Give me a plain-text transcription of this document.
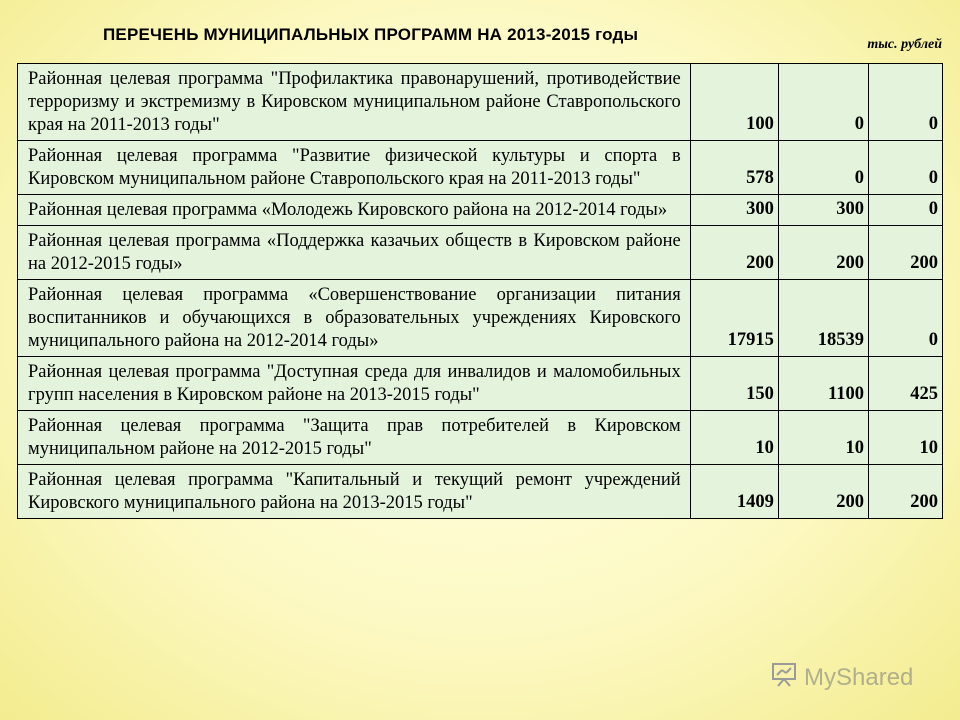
ПЕРЕЧЕНЬ МУНИЦИПАЛЬНЫХ ПРОГРАММ НА 2013-2015 годы
тыс. рублей
Районная целевая программа "Профилактика правонарушений, противодействие терроризму и экстремизму в Кировском муниципальном районе Ставропольского края на 2011-2013 годы"	100	0	0
Районная целевая программа "Развитие физической культуры и спорта в Кировском муниципальном районе Ставропольского края на 2011-2013 годы"	578	0	0
Районная целевая программа «Молодежь Кировского района на 2012-2014 годы»	300	300	0
Районная целевая программа «Поддержка казачьих обществ в Кировском районе на 2012-2015 годы»	200	200	200
Районная целевая программа «Совершенствование организации питания воспитанников и обучающихся в образовательных учреждениях Кировского муниципального района на 2012-2014 годы»	17915	18539	0
Районная целевая программа "Доступная среда для инвалидов и маломобильных групп населения в Кировском районе на 2013-2015 годы"	150	1100	425
Районная целевая программа "Защита прав потребителей в Кировском муниципальном районе на 2012-2015 годы"	10	10	10
Районная целевая программа "Капитальный и текущий ремонт учреждений Кировского муниципального района на 2013-2015 годы"	1409	200	200
MyShared
